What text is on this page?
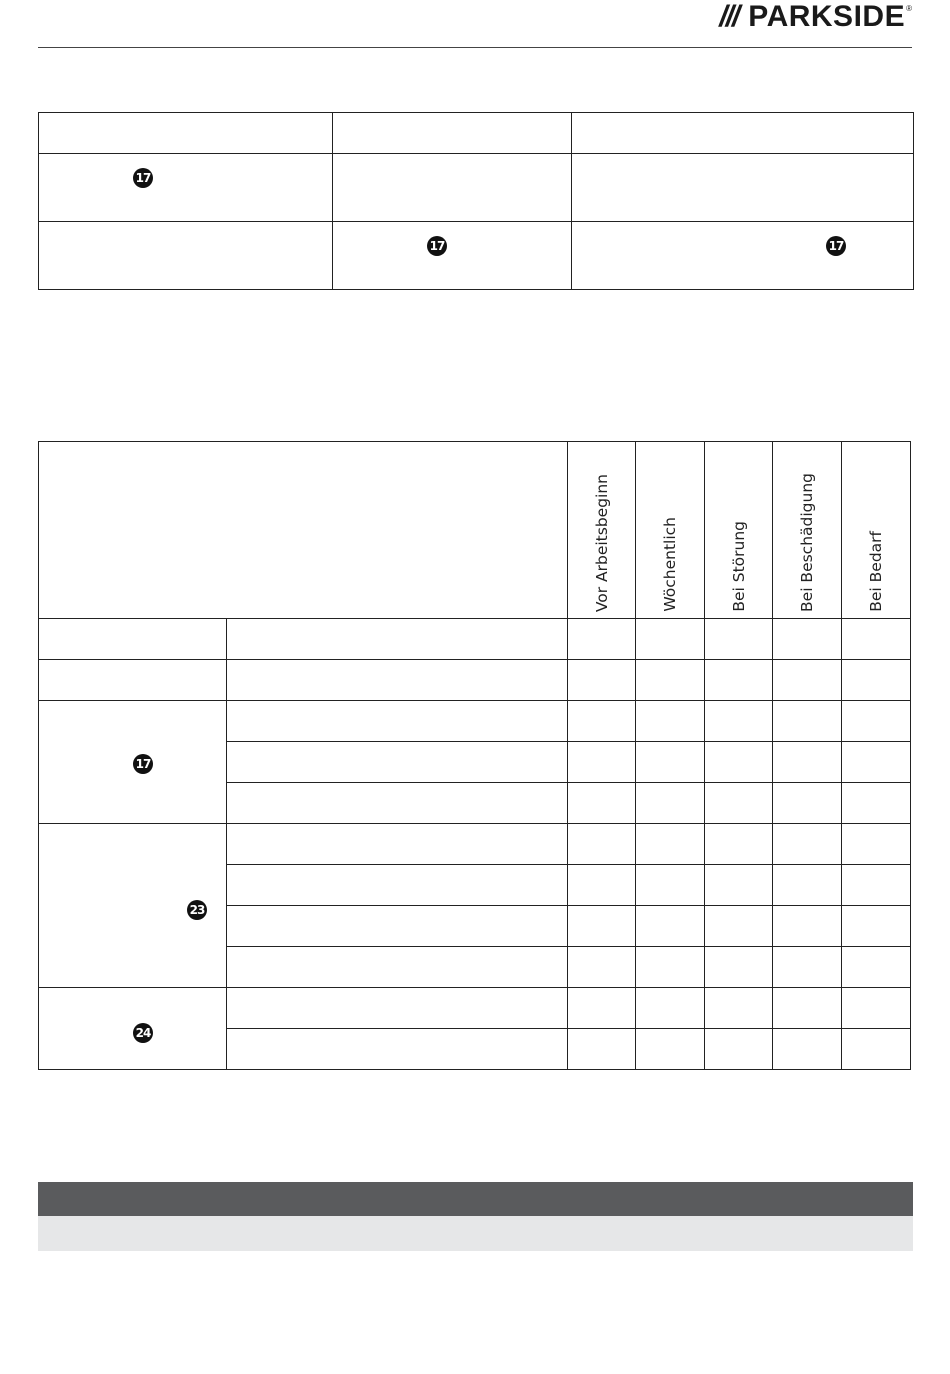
/// PARKSIDE ®

17		

	17	17

		Vor Arbeitsbeginn	Wöchentlich	Bei Störung	Bei Beschädigung	Bei Bedarf

17						

23						

24						
